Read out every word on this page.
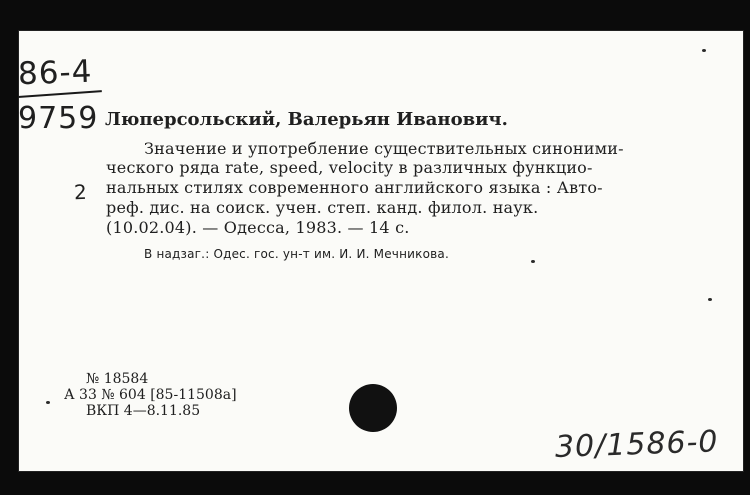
86-4
9759 Люперсольский, Валерьян Иванович.
Значение и употребление существительных синоними-
ческого ряда rate, speed, velocity в различных функцио-
нальных стилях современного английского языка : Авто-
реф. дис. на соиск. учен. степ. канд. филол. наук.
(10.02.04). — Одесса, 1983. — 14 с.
В надзаг.: Одес. гос. ун-т им. И. И. Мечникова.
2
№ 18584
А 33 № 604 [85-11508а]
ВКП 4—8.11.85
30/1586-0
